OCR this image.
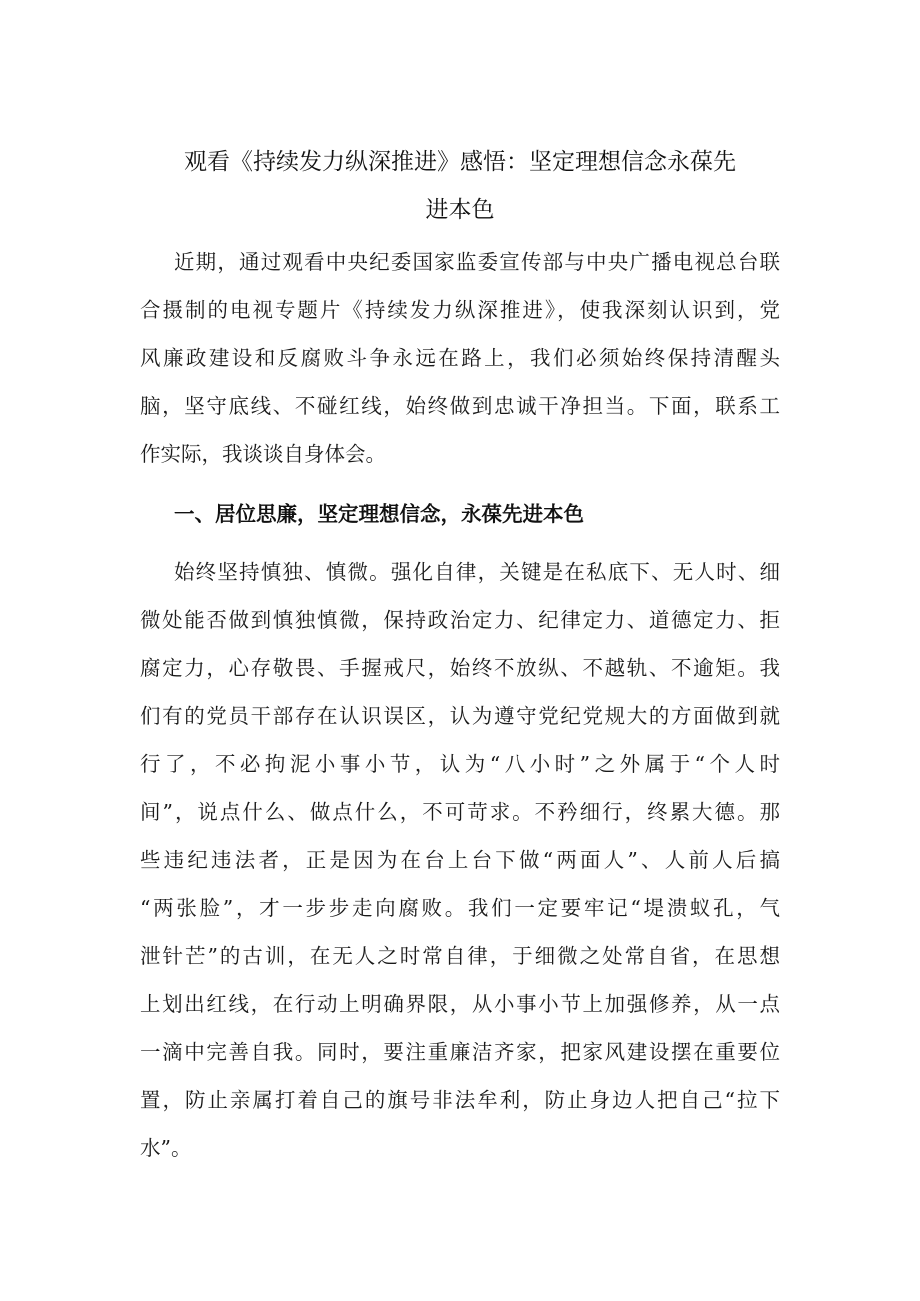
观看《持续发力纵深推进》感悟：坚定理想信念永葆先
进本色
近期，通过观看中央纪委国家监委宣传部与中央广播电视总台联
合摄制的电视专题片《持续发力纵深推进》，使我深刻认识到，党
风廉政建设和反腐败斗争永远在路上，我们必须始终保持清醒头
脑，坚守底线、不碰红线，始终做到忠诚干净担当。下面，联系工
作实际，我谈谈自身体会。
一、居位思廉，坚定理想信念，永葆先进本色
始终坚持慎独、慎微。强化自律，关键是在私底下、无人时、细
微处能否做到慎独慎微，保持政治定力、纪律定力、道德定力、拒
腐定力，心存敬畏、手握戒尺，始终不放纵、不越轨、不逾矩。我
们有的党员干部存在认识误区，认为遵守党纪党规大的方面做到就
行了，不必拘泥小事小节，认为“八小时”之外属于“个人时
间”，说点什么、做点什么，不可苛求。不矜细行，终累大德。那
些违纪违法者，正是因为在台上台下做“两面人”、人前人后搞
“两张脸”，才一步步走向腐败。我们一定要牢记“堤溃蚁孔，气
泄针芒”的古训，在无人之时常自律，于细微之处常自省，在思想
上划出红线，在行动上明确界限，从小事小节上加强修养，从一点
一滴中完善自我。同时，要注重廉洁齐家，把家风建设摆在重要位
置，防止亲属打着自己的旗号非法牟利，防止身边人把自己“拉下
水”。
